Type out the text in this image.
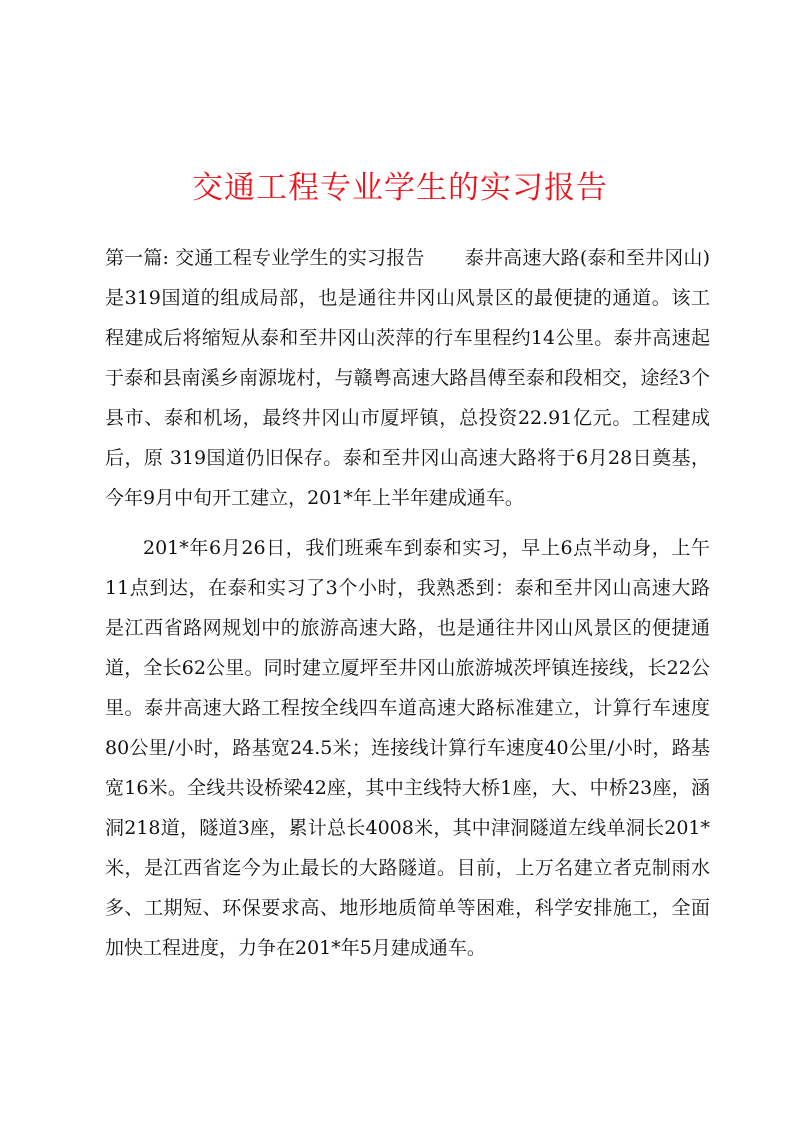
交通工程专业学生的实习报告

第一篇: 交通工程专业学生的实习报告 泰井高速大路(泰和至井冈山)是319国道的组成局部，也是通往井冈山风景区的最便捷的通道。该工程建成后将缩短从泰和至井冈山茨萍的行车里程约14公里。泰井高速起于泰和县南溪乡南源垅村，与赣粤高速大路昌傅至泰和段相交，途经3个县市、泰和机场，最终井冈山市厦坪镇，总投资22.91亿元。工程建成后，原 319国道仍旧保存。泰和至井冈山高速大路将于6月28日奠基，今年9月中旬开工建立，201*年上半年建成通车。

201*年6月26日，我们班乘车到泰和实习，早上6点半动身，上午11点到达，在泰和实习了3个小时，我熟悉到：泰和至井冈山高速大路是江西省路网规划中的旅游高速大路，也是通往井冈山风景区的便捷通道，全长62公里。同时建立厦坪至井冈山旅游城茨坪镇连接线，长22公里。泰井高速大路工程按全线四车道高速大路标准建立，计算行车速度80公里/小时，路基宽24.5米；连接线计算行车速度40公里/小时，路基宽16米。全线共设桥梁42座，其中主线特大桥1座，大、中桥23座，涵洞218道，隧道3座，累计总长4008米，其中津洞隧道左线单洞长201*米，是江西省迄今为止最长的大路隧道。目前，上万名建立者克制雨水多、工期短、环保要求高、地形地质简单等困难，科学安排施工，全面加快工程进度，力争在201*年5月建成通车。
